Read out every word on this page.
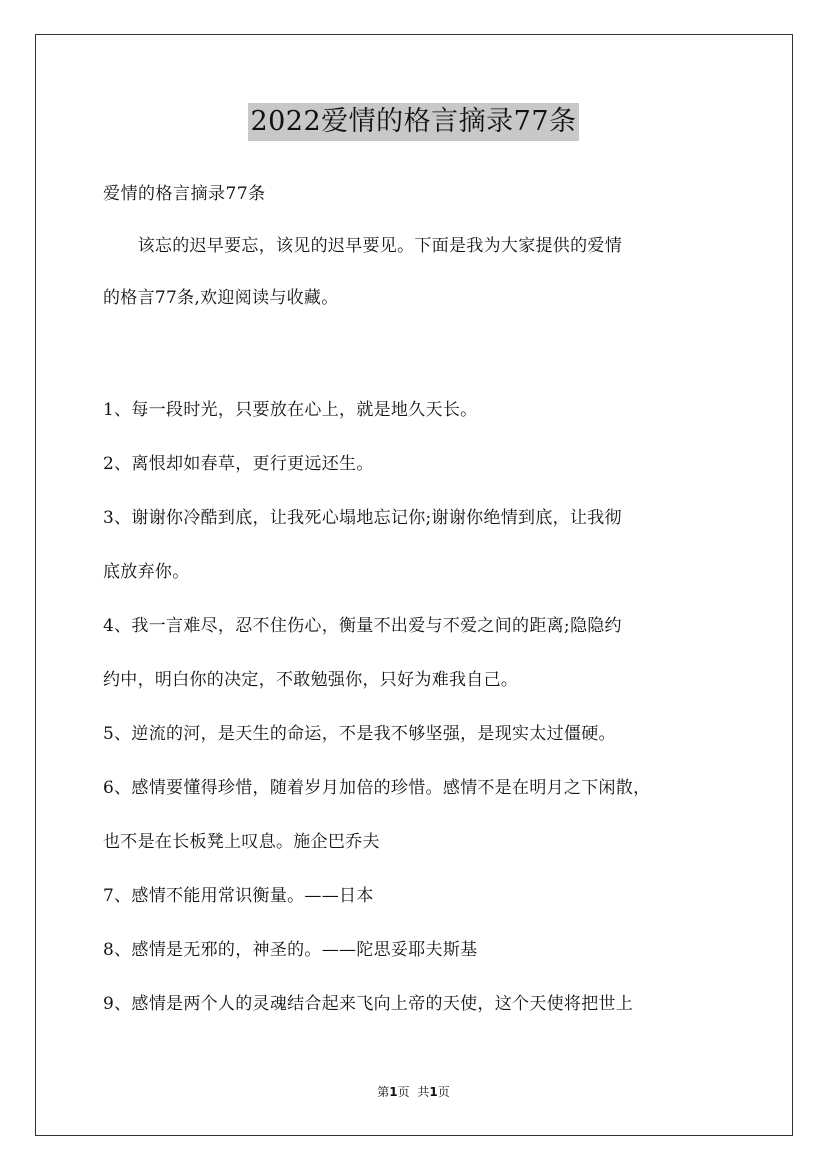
2022爱情的格言摘录77条
爱情的格言摘录77条
　　该忘的迟早要忘，该见的迟早要见。下面是我为大家提供的爱情
的格言77条,欢迎阅读与收藏。
1、每一段时光，只要放在心上，就是地久天长。
2、离恨却如春草，更行更远还生。
3、谢谢你冷酷到底，让我死心塌地忘记你;谢谢你绝情到底，让我彻
底放弃你。
4、我一言难尽，忍不住伤心，衡量不出爱与不爱之间的距离;隐隐约
约中，明白你的决定，不敢勉强你，只好为难我自己。
5、逆流的河，是天生的命运，不是我不够坚强，是现实太过僵硬。
6、感情要懂得珍惜，随着岁月加倍的珍惜。感情不是在明月之下闲散，
也不是在长板凳上叹息。施企巴乔夫
7、感情不能用常识衡量。——日本
8、感情是无邪的，神圣的。——陀思妥耶夫斯基
9、感情是两个人的灵魂结合起来飞向上帝的天使，这个天使将把世上
第1页 共1页
